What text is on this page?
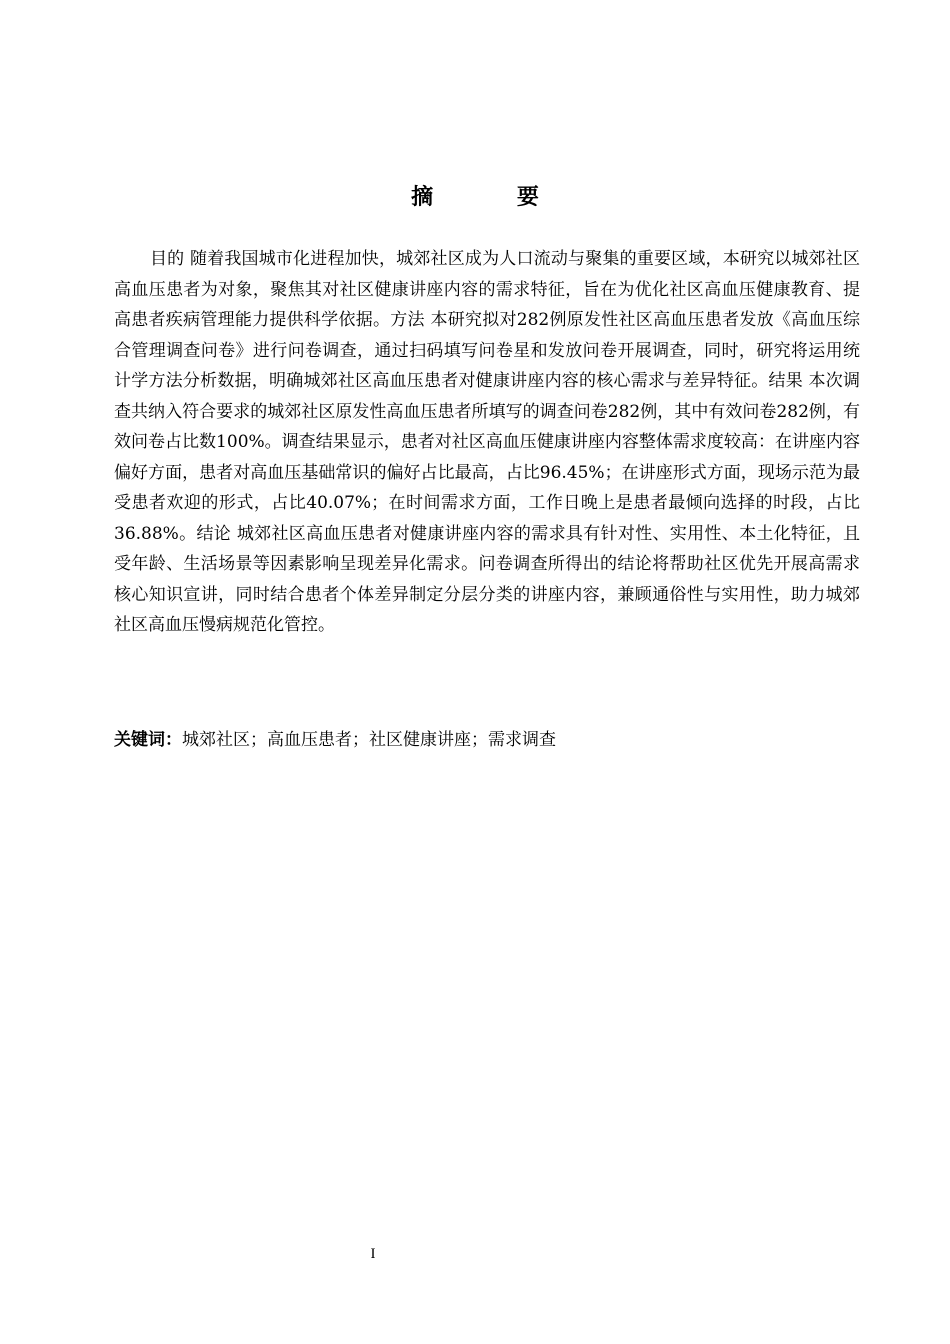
摘 要

目的 随着我国城市化进程加快，城郊社区成为人口流动与聚集的重要区域，本研究以城郊社区高血压患者为对象，聚焦其对社区健康讲座内容的需求特征，旨在为优化社区高血压健康教育、提高患者疾病管理能力提供科学依据。方法 本研究拟对282例原发性社区高血压患者发放《高血压综合管理调查问卷》进行问卷调查，通过扫码填写问卷星和发放问卷开展调查，同时，研究将运用统计学方法分析数据，明确城郊社区高血压患者对健康讲座内容的核心需求与差异特征。结果 本次调查共纳入符合要求的城郊社区原发性高血压患者所填写的调查问卷282例，其中有效问卷282例，有效问卷占比数100%。调查结果显示，患者对社区高血压健康讲座内容整体需求度较高：在讲座内容偏好方面，患者对高血压基础常识的偏好占比最高，占比96.45%；在讲座形式方面，现场示范为最受患者欢迎的形式，占比40.07%；在时间需求方面，工作日晚上是患者最倾向选择的时段，占比36.88%。结论 城郊社区高血压患者对健康讲座内容的需求具有针对性、实用性、本土化特征，且受年龄、生活场景等因素影响呈现差异化需求。问卷调查所得出的结论将帮助社区优先开展高需求核心知识宣讲，同时结合患者个体差异制定分层分类的讲座内容，兼顾通俗性与实用性，助力城郊社区高血压慢病规范化管控。

关键词：城郊社区；高血压患者；社区健康讲座；需求调查

I
